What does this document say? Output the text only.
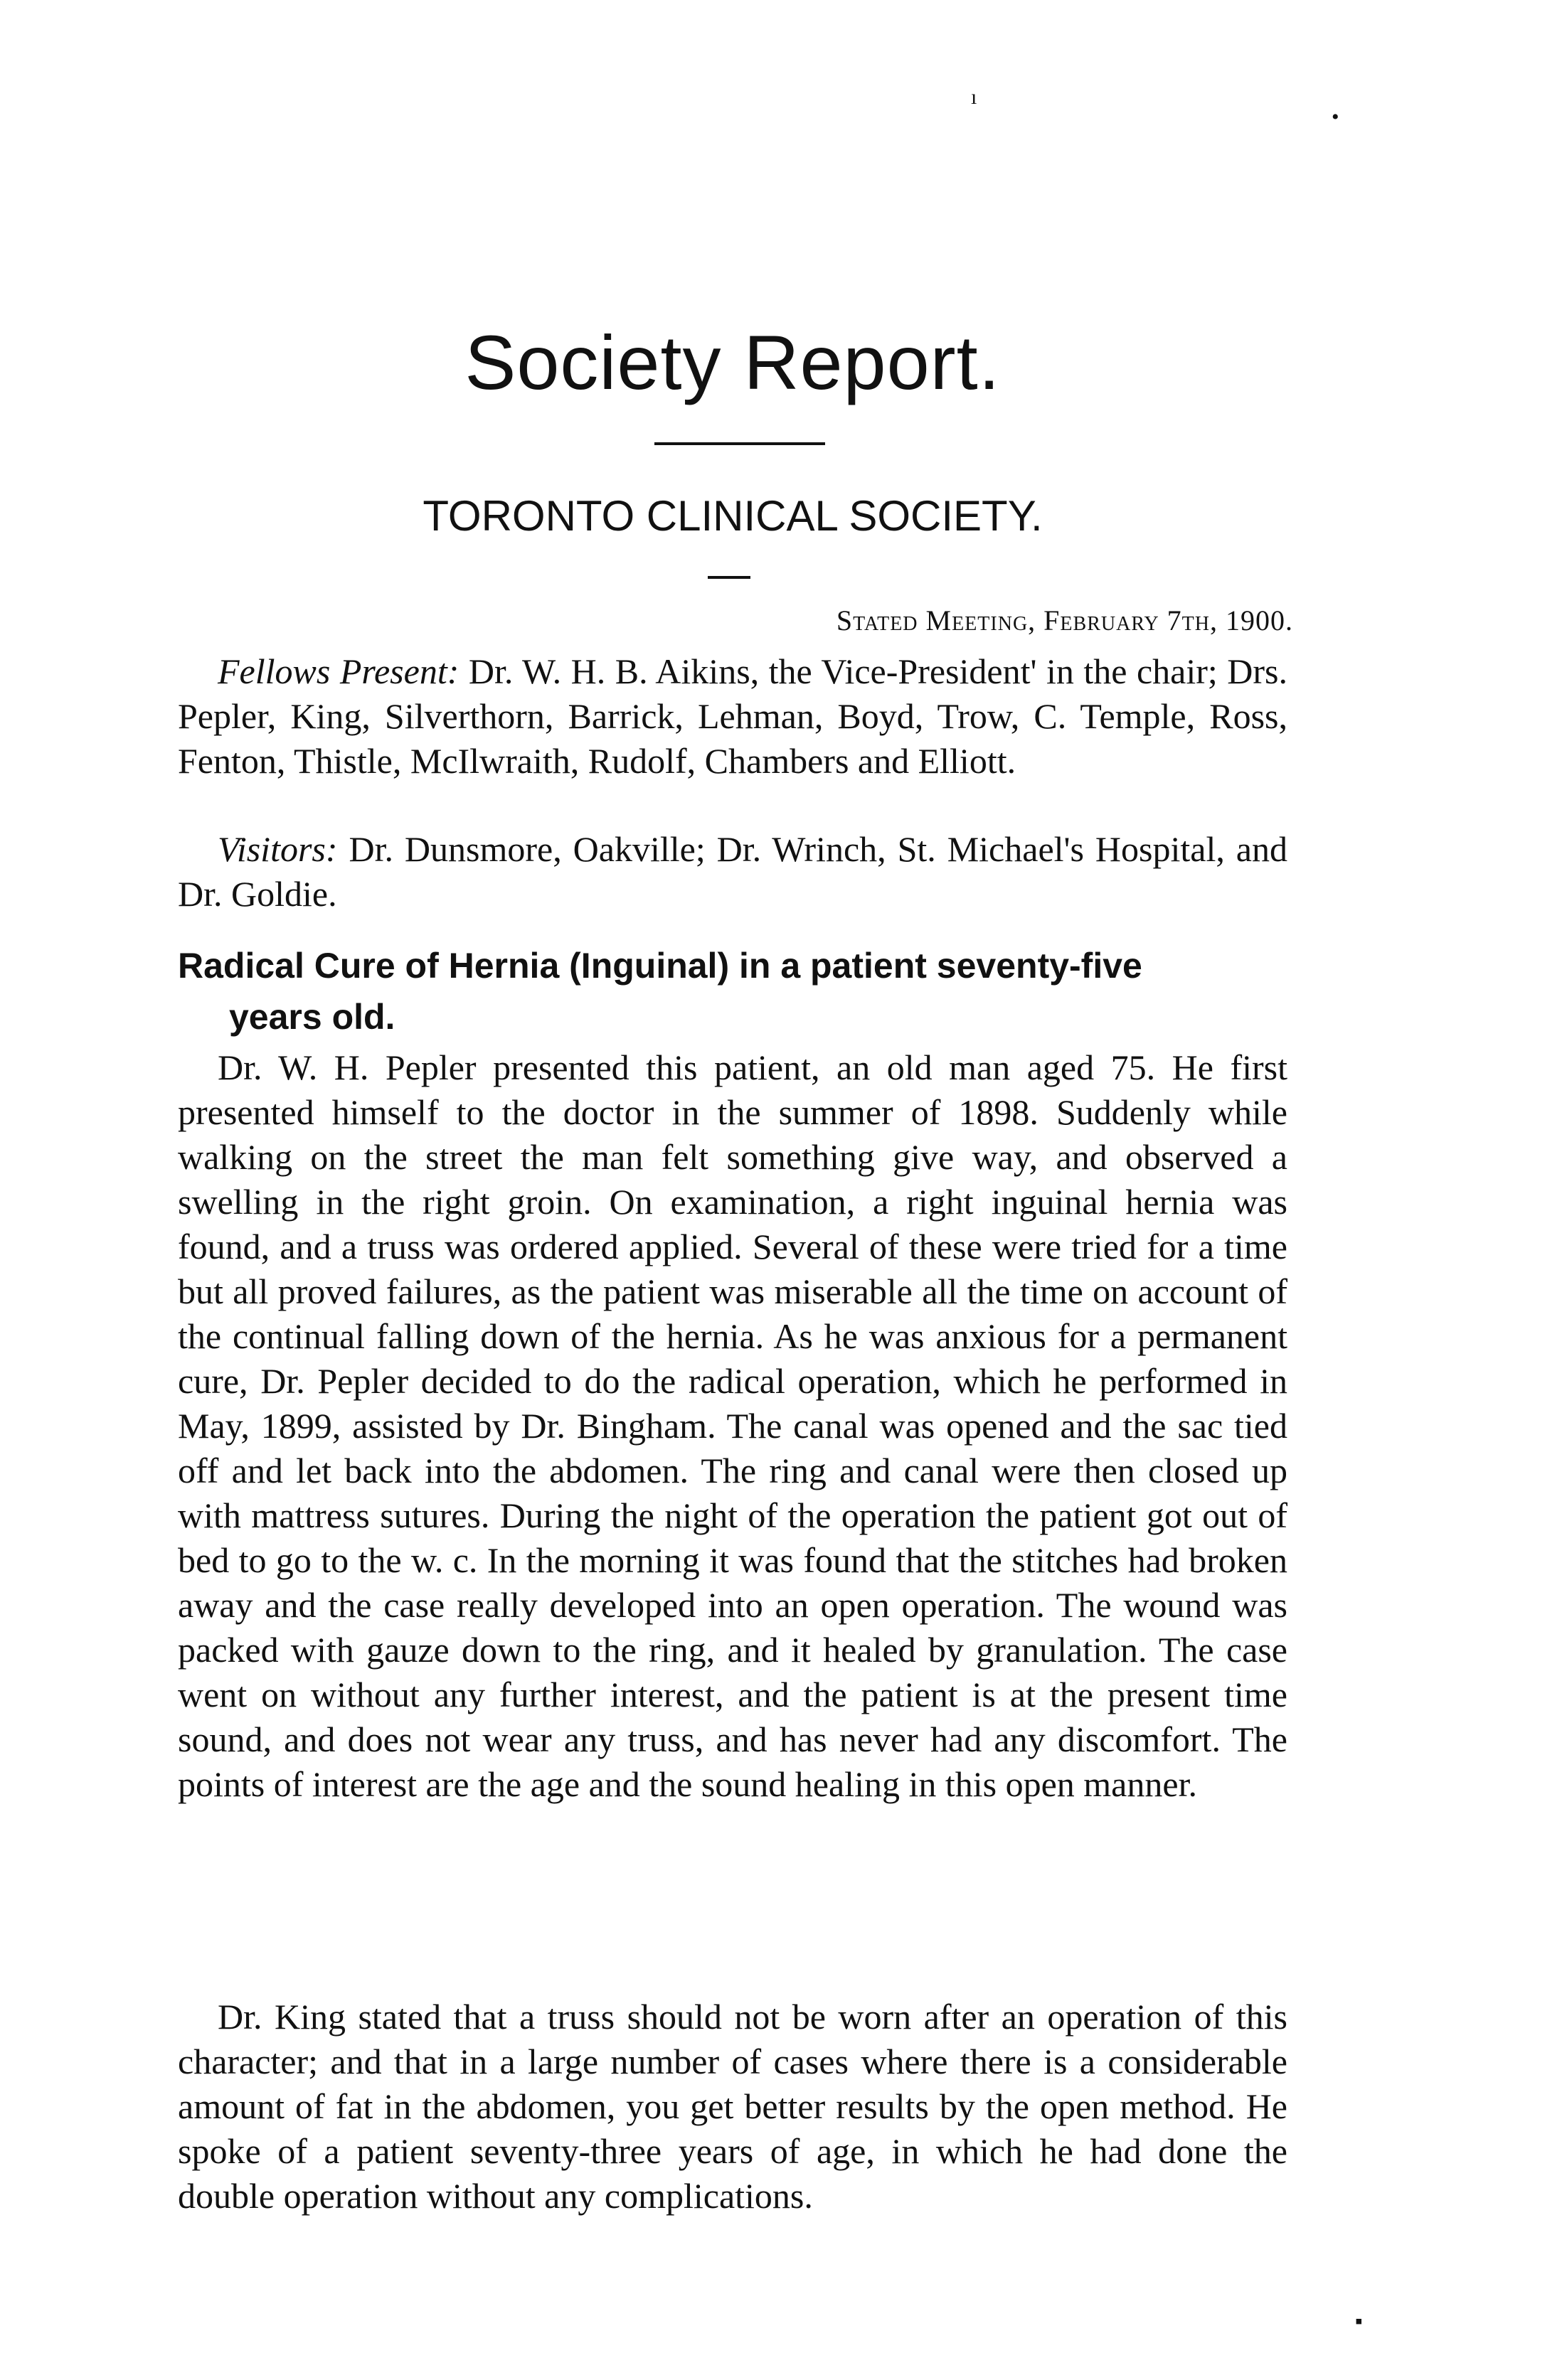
ı
•
▪
Society Report.
TORONTO CLINICAL SOCIETY.
Stated Meeting, February 7th, 1900.

Fellows Present: Dr. W. H. B. Aikins, the Vice-President' in the chair; Drs. Pepler, King, Silverthorn, Barrick, Lehman, Boyd, Trow, C. Temple, Ross, Fenton, Thistle, McIlwraith, Rudolf, Chambers and Elliott.

Visitors: Dr. Dunsmore, Oakville; Dr. Wrinch, St. Michael's Hospital, and Dr. Goldie.

Radical Cure of Hernia (Inguinal) in a patient seventy-five
years old.

Dr. W. H. Pepler presented this patient, an old man aged 75. He first presented himself to the doctor in the summer of 1898. Suddenly while walking on the street the man felt something give way, and observed a swelling in the right groin. On examination, a right inguinal hernia was found, and a truss was ordered applied. Several of these were tried for a time but all proved failures, as the patient was miserable all the time on account of the continual falling down of the hernia. As he was anxious for a permanent cure, Dr. Pepler decided to do the radical operation, which he performed in May, 1899, assisted by Dr. Bingham. The canal was opened and the sac tied off and let back into the abdomen. The ring and canal were then closed up with mattress sutures. During the night of the operation the patient got out of bed to go to the w. c. In the morning it was found that the stitches had broken away and the case really developed into an open operation. The wound was packed with gauze down to the ring, and it healed by granulation. The case went on without any further interest, and the patient is at the present time sound, and does not wear any truss, and has never had any discomfort. The points of interest are the age and the sound healing in this open manner.

Dr. King stated that a truss should not be worn after an operation of this character; and that in a large number of cases where there is a considerable amount of fat in the abdomen, you get better results by the open method. He spoke of a patient seventy-three years of age, in which he had done the double operation without any complications.
